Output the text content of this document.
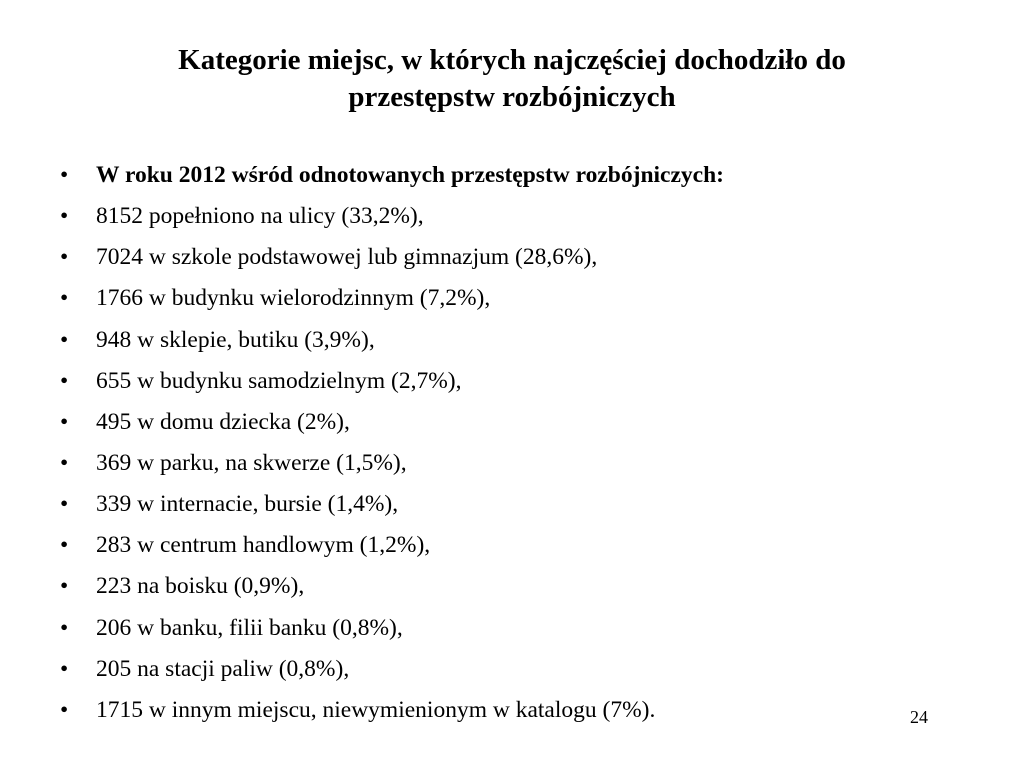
Kategorie miejsc, w których najczęściej dochodziło do
przestępstw rozbójniczych
• W roku 2012 wśród odnotowanych przestępstw rozbójniczych:
• 8152 popełniono na ulicy (33,2%),
• 7024 w szkole podstawowej lub gimnazjum (28,6%),
• 1766 w budynku wielorodzinnym (7,2%),
• 948 w sklepie, butiku (3,9%),
• 655 w budynku samodzielnym (2,7%),
• 495 w domu dziecka (2%),
• 369 w parku, na skwerze (1,5%),
• 339 w internacie, bursie (1,4%),
• 283 w centrum handlowym (1,2%),
• 223 na boisku (0,9%),
• 206 w banku, filii banku (0,8%),
• 205 na stacji paliw (0,8%),
• 1715 w innym miejscu, niewymienionym w katalogu (7%).	24
